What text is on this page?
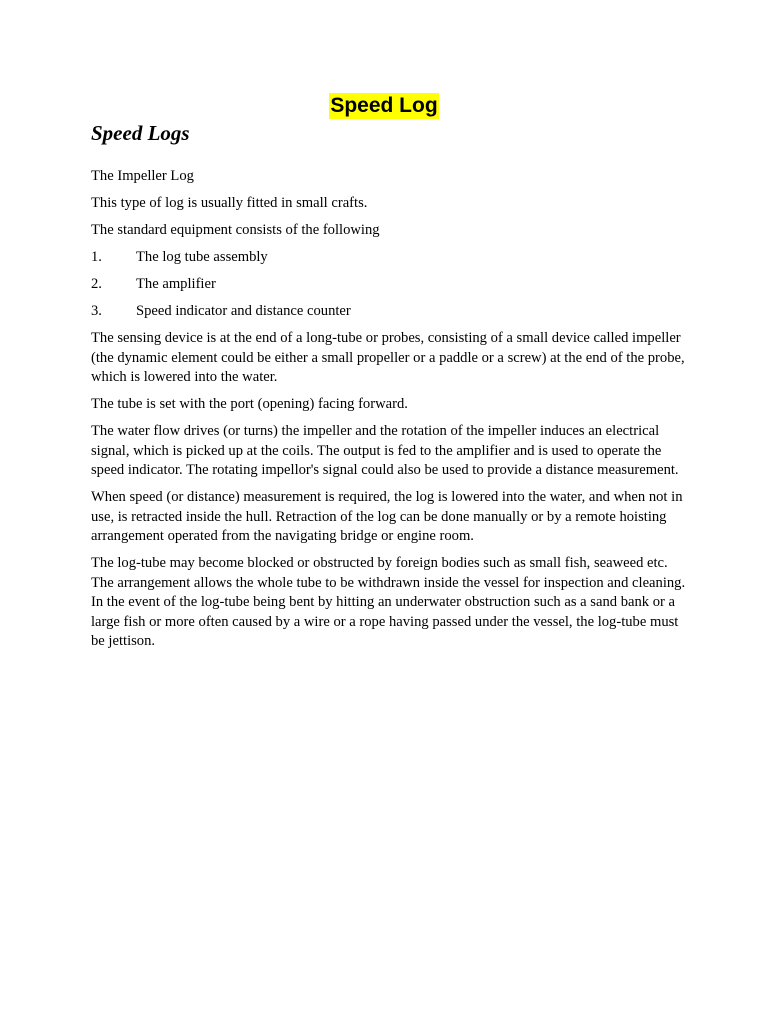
Speed Log
Speed Logs

The Impeller Log

This type of log is usually fitted in small crafts.

The standard equipment consists of the following

1.	The log tube assembly
2.	The amplifier
3.	Speed indicator and distance counter

The sensing device is at the end of a long-tube or probes, consisting of a small device called impeller (the dynamic element could be either a small propeller or a paddle or a screw) at the end of the probe, which is lowered into the water.

The tube is set with the port (opening) facing forward.

The water flow drives (or turns) the impeller and the rotation of the impeller induces an electrical signal, which is picked up at the coils. The output is fed to the amplifier and is used to operate the speed indicator. The rotating impellor's signal could also be used to provide a distance measurement.

When speed (or distance) measurement is required, the log is lowered into the water, and when not in use, is retracted inside the hull. Retraction of the log can be done manually or by a remote hoisting arrangement operated from the navigating bridge or engine room.

The log-tube may become blocked or obstructed by foreign bodies such as small fish, seaweed etc. The arrangement allows the whole tube to be withdrawn inside the vessel for inspection and cleaning. In the event of the log-tube being bent by hitting an underwater obstruction such as a sand bank or a large fish or more often caused by a wire or a rope having passed under the vessel, the log-tube must be jettison.
